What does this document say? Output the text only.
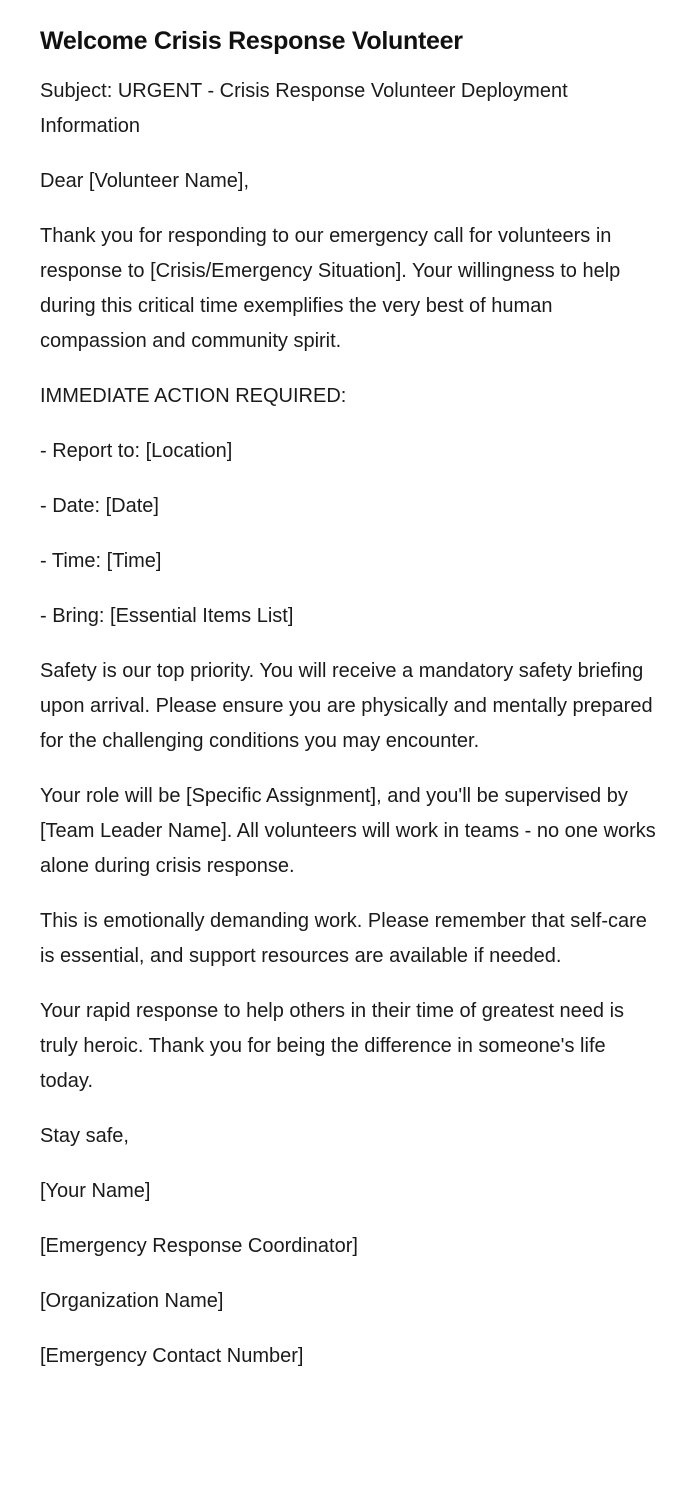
Welcome Crisis Response Volunteer

Subject: URGENT - Crisis Response Volunteer Deployment Information

Dear [Volunteer Name],

Thank you for responding to our emergency call for volunteers in response to [Crisis/Emergency Situation]. Your willingness to help during this critical time exemplifies the very best of human compassion and community spirit.

IMMEDIATE ACTION REQUIRED:

- Report to: [Location]

- Date: [Date]

- Time: [Time]

- Bring: [Essential Items List]

Safety is our top priority. You will receive a mandatory safety briefing upon arrival. Please ensure you are physically and mentally prepared for the challenging conditions you may encounter.

Your role will be [Specific Assignment], and you'll be supervised by [Team Leader Name]. All volunteers will work in teams - no one works alone during crisis response.

This is emotionally demanding work. Please remember that self-care is essential, and support resources are available if needed.

Your rapid response to help others in their time of greatest need is truly heroic. Thank you for being the difference in someone's life today.

Stay safe,

[Your Name]

[Emergency Response Coordinator]

[Organization Name]

[Emergency Contact Number]
